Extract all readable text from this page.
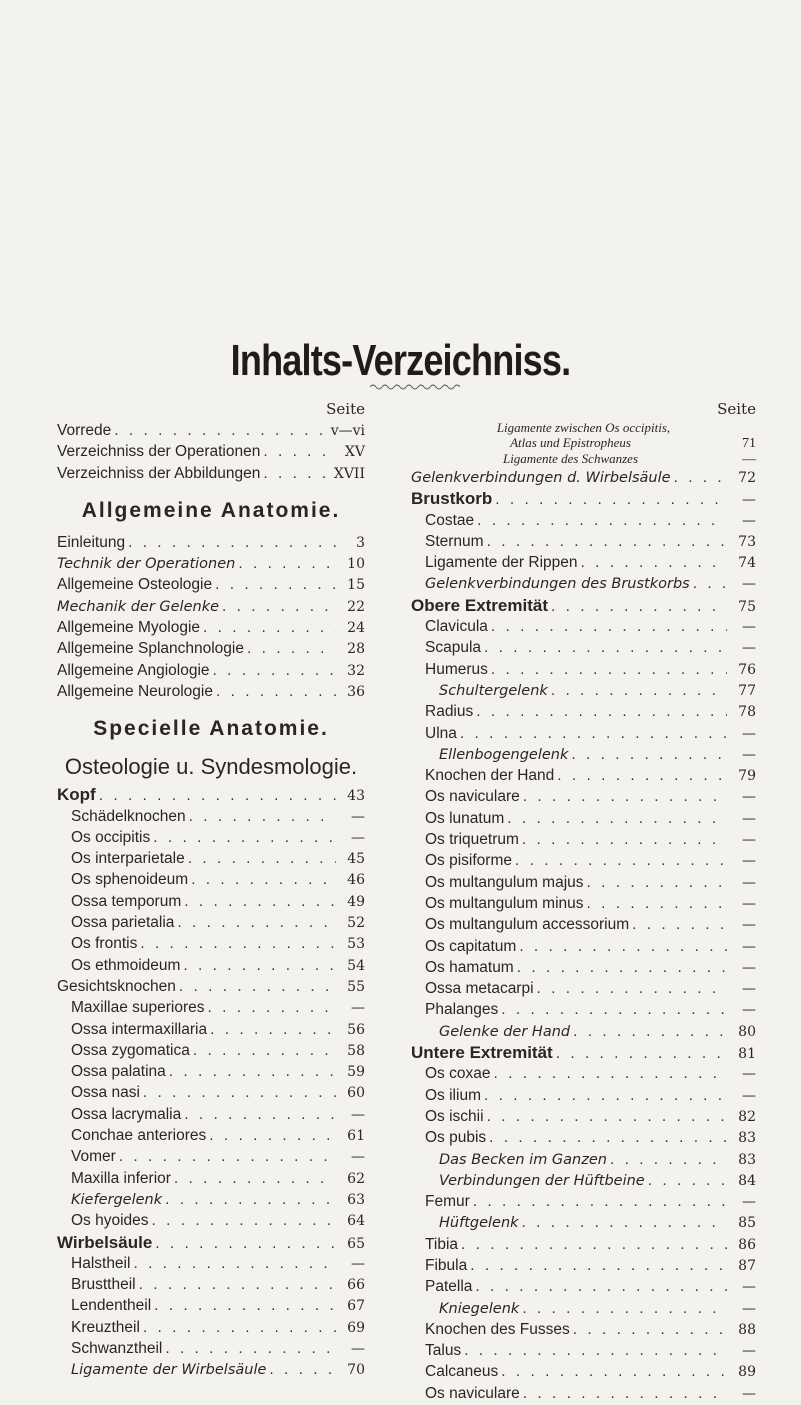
Inhalts-Verzeichniss.
Seite
Vorrede . . .	v—vi
Verzeichniss der Operationen . . .	XV
Verzeichniss der Abbildungen . . .	XVII
Allgemeine Anatomie.
Einleitung . . .	3
Technik der Operationen . . .	10
Allgemeine Osteologie . . .	15
Mechanik der Gelenke . . .	22
Allgemeine Myologie . . .	24
Allgemeine Splanchnologie . . .	28
Allgemeine Angiologie . . .	32
Allgemeine Neurologie . . .	36
Specielle Anatomie.
Osteologie u. Syndesmologie.
Kopf . . .	43
Schädelknochen . . .	—
Os occipitis . . .	—
Os interparietale . . .	45
Os sphenoideum . . .	46
Ossa temporum . . .	49
Ossa parietalia . . .	52
Os frontis . . .	53
Os ethmoideum . . .	54
Gesichtsknochen . . .	55
Maxillae superiores . . .	—
Ossa intermaxillaria . . .	56
Ossa zygomatica . . .	58
Ossa palatina . . .	59
Ossa nasi . . .	60
Ossa lacrymalia . . .	—
Conchae anteriores . . .	61
Vomer . . .	—
Maxilla inferior . . .	62
Kiefergelenk . . .	63
Os hyoides . . .	64
Wirbelsäule . . .	65
Halstheil . . .	—
Brusttheil . . .	66
Lendentheil . . .	67
Kreuztheil . . .	69
Schwanztheil . . .	—
Ligamente der Wirbelsäule . . .	70
Seite
Ligamente zwischen Os occipitis,
Atlas und Epistropheus	71
Ligamente des Schwanzes	—
Gelenkverbindungen d. Wirbelsäule . . .	72
Brustkorb . . .	—
Costae . . .	—
Sternum . . .	73
Ligamente der Rippen . . .	74
Gelenkverbindungen des Brustkorbs . . .	—
Obere Extremität . . .	75
Clavicula . . .	—
Scapula . . .	—
Humerus . . .	76
Schultergelenk . . .	77
Radius . . .	78
Ulna . . .	—
Ellenbogengelenk . . .	—
Knochen der Hand . . .	79
Os naviculare . . .	—
Os lunatum . . .	—
Os triquetrum . . .	—
Os pisiforme . . .	—
Os multangulum majus . . .	—
Os multangulum minus . . .	—
Os multangulum accessorium . . .	—
Os capitatum . . .	—
Os hamatum . . .	—
Ossa metacarpi . . .	—
Phalanges . . .	—
Gelenke der Hand . . .	80
Untere Extremität . . .	81
Os coxae . . .	—
Os ilium . . .	—
Os ischii . . .	82
Os pubis . . .	83
Das Becken im Ganzen . . .	83
Verbindungen der Hüftbeine . . .	84
Femur . . .	—
Hüftgelenk . . .	85
Tibia . . .	86
Fibula . . .	87
Patella . . .	—
Kniegelenk . . .	—
Knochen des Fusses . . .	88
Talus . . .	—
Calcaneus . . .	89
Os naviculare . . .	—
